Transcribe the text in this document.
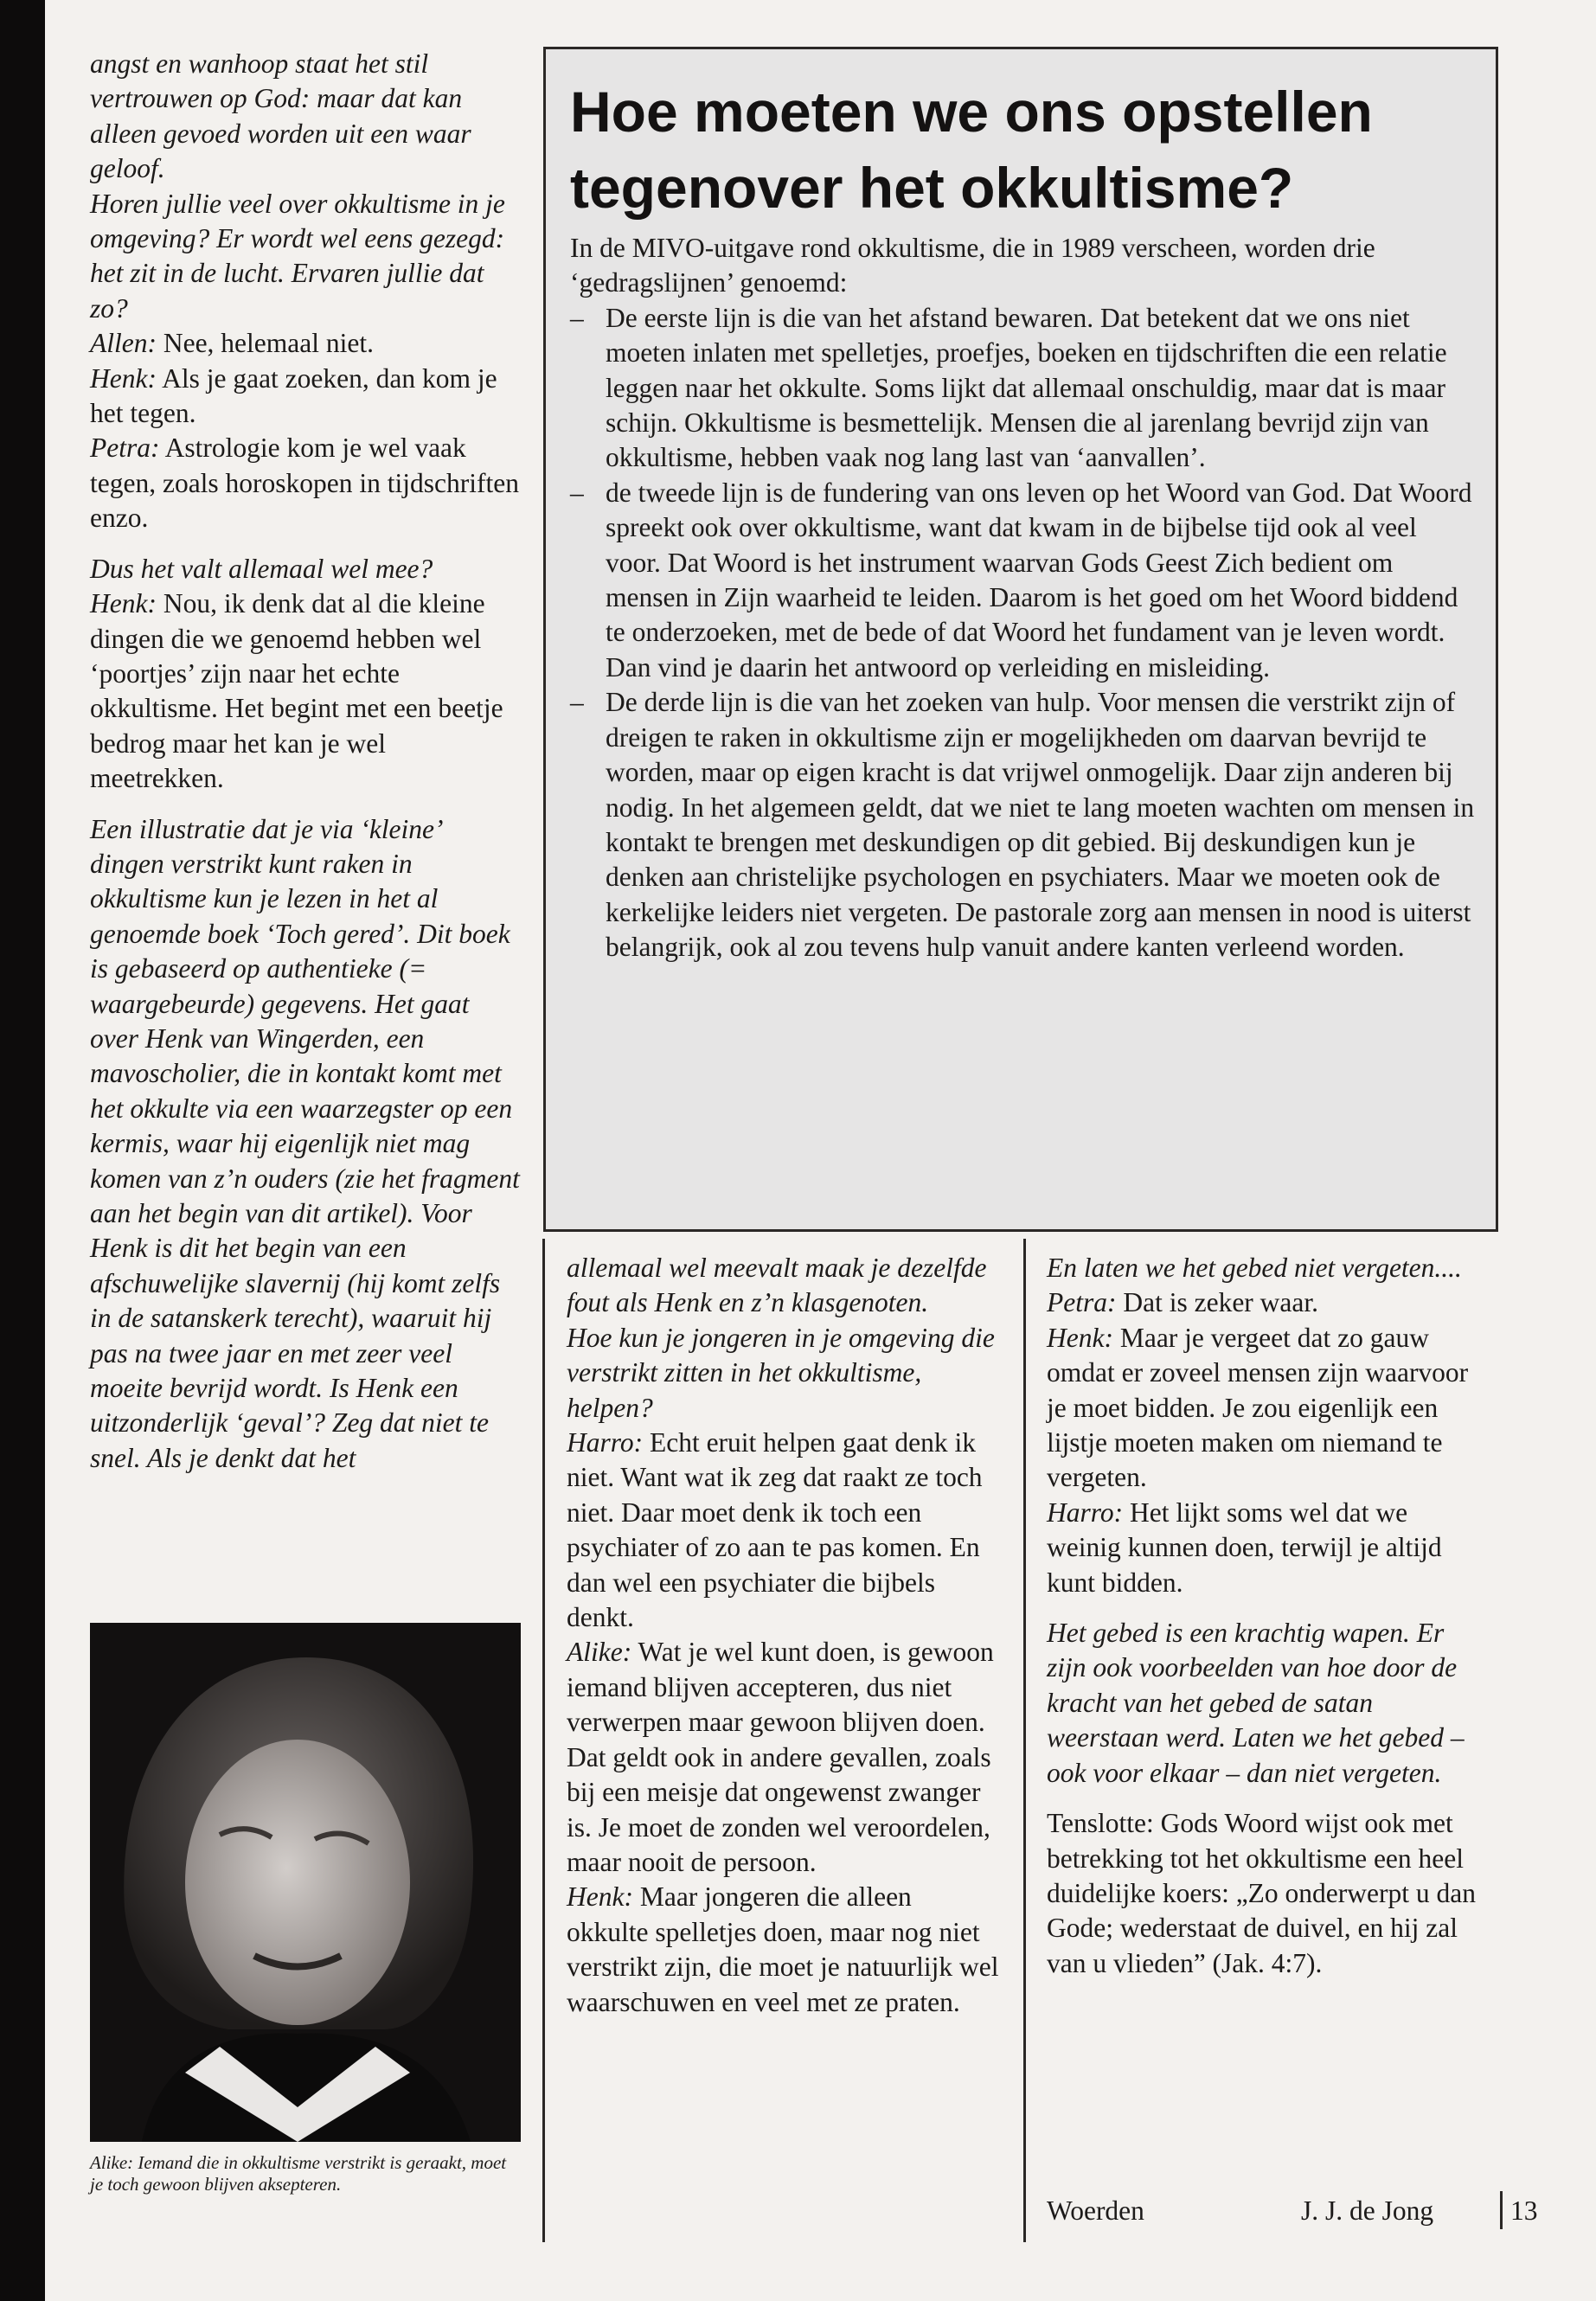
angst en wanhoop staat het stil vertrouwen op God: maar dat kan alleen gevoed worden uit een waar geloof.

Horen jullie veel over okkultisme in je omgeving? Er wordt wel eens gezegd: het zit in de lucht. Ervaren jullie dat zo?

Allen: Nee, helemaal niet.

Henk: Als je gaat zoeken, dan kom je het tegen.

Petra: Astrologie kom je wel vaak tegen, zoals horoskopen in tijdschriften enzo.

Dus het valt allemaal wel mee?

Henk: Nou, ik denk dat al die kleine dingen die we genoemd hebben wel ‘poortjes’ zijn naar het echte okkultisme. Het begint met een beetje bedrog maar het kan je wel meetrekken.

Een illustratie dat je via ‘kleine’ dingen verstrikt kunt raken in okkultisme kun je lezen in het al genoemde boek ‘Toch gered’. Dit boek is gebaseerd op authentieke (= waargebeurde) gegevens. Het gaat over Henk van Wingerden, een mavoscholier, die in kontakt komt met het okkulte via een waarzegster op een kermis, waar hij eigenlijk niet mag komen van z’n ouders (zie het fragment aan het begin van dit artikel). Voor Henk is dit het begin van een afschuwelijke slavernij (hij komt zelfs in de satanskerk terecht), waaruit hij pas na twee jaar en met zeer veel moeite bevrijd wordt. Is Henk een uitzonderlijk ‘geval’? Zeg dat niet te snel. Als je denkt dat het

Hoe moeten we ons opstellen tegenover het okkultisme?

In de MIVO-uitgave rond okkultisme, die in 1989 verscheen, worden drie ‘gedragslijnen’ genoemd:

– De eerste lijn is die van het afstand bewaren. Dat betekent dat we ons niet moeten inlaten met spelletjes, proefjes, boeken en tijdschriften die een relatie leggen naar het okkulte. Soms lijkt dat allemaal onschuldig, maar dat is maar schijn. Okkultisme is besmettelijk. Mensen die al jarenlang bevrijd zijn van okkultisme, hebben vaak nog lang last van ‘aanvallen’.

– de tweede lijn is de fundering van ons leven op het Woord van God. Dat Woord spreekt ook over okkultisme, want dat kwam in de bijbelse tijd ook al veel voor. Dat Woord is het instrument waarvan Gods Geest Zich bedient om mensen in Zijn waarheid te leiden. Daarom is het goed om het Woord biddend te onderzoeken, met de bede of dat Woord het fundament van je leven wordt. Dan vind je daarin het antwoord op verleiding en misleiding.

– De derde lijn is die van het zoeken van hulp. Voor mensen die verstrikt zijn of dreigen te raken in okkultisme zijn er mogelijkheden om daarvan bevrijd te worden, maar op eigen kracht is dat vrijwel onmogelijk. Daar zijn anderen bij nodig. In het algemeen geldt, dat we niet te lang moeten wachten om mensen in kontakt te brengen met deskundigen op dit gebied. Bij deskundigen kun je denken aan christelijke psychologen en psychiaters. Maar we moeten ook de kerkelijke leiders niet vergeten. De pastorale zorg aan mensen in nood is uiterst belangrijk, ook al zou tevens hulp vanuit andere kanten verleend worden.

allemaal wel meevalt maak je dezelfde fout als Henk en z’n klasgenoten.

Hoe kun je jongeren in je omgeving die verstrikt zitten in het okkultisme, helpen?

Harro: Echt eruit helpen gaat denk ik niet. Want wat ik zeg dat raakt ze toch niet. Daar moet denk ik toch een psychiater of zo aan te pas komen. En dan wel een psychiater die bijbels denkt.

Alike: Wat je wel kunt doen, is gewoon iemand blijven accepteren, dus niet verwerpen maar gewoon blijven doen. Dat geldt ook in andere gevallen, zoals bij een meisje dat ongewenst zwanger is. Je moet de zonden wel veroordelen, maar nooit de persoon.

Henk: Maar jongeren die alleen okkulte spelletjes doen, maar nog niet verstrikt zijn, die moet je natuurlijk wel waarschuwen en veel met ze praten.

En laten we het gebed niet vergeten....

Petra: Dat is zeker waar.

Henk: Maar je vergeet dat zo gauw omdat er zoveel mensen zijn waarvoor je moet bidden. Je zou eigenlijk een lijstje moeten maken om niemand te vergeten.

Harro: Het lijkt soms wel dat we weinig kunnen doen, terwijl je altijd kunt bidden.

Het gebed is een krachtig wapen. Er zijn ook voorbeelden van hoe door de kracht van het gebed de satan weerstaan werd. Laten we het gebed – ook voor elkaar – dan niet vergeten.

Tenslotte: Gods Woord wijst ook met betrekking tot het okkultisme een heel duidelijke koers: „Zo onderwerpt u dan Gode; wederstaat de duivel, en hij zal van u vlieden” (Jak. 4:7).

Alike: Iemand die in okkultisme verstrikt is geraakt, moet je toch gewoon blijven aksepteren.
Woerden	J. J. de Jong	13
